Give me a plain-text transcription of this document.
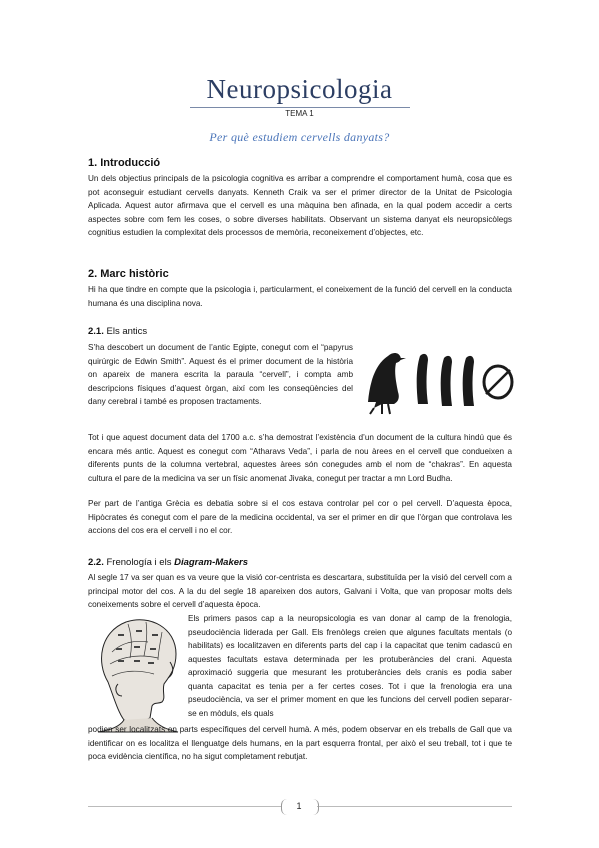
Neuropsicologia
TEMA 1
Per què estudiem cervells danyats?
1. Introducció

Un dels objectius principals de la psicologia cognitiva es arribar a comprendre el comportament humà, cosa que es pot aconseguir estudiant cervells danyats. Kenneth Craik va ser el primer director de la Unitat de Psicologia Aplicada. Aquest autor afirmava que el cervell es una màquina ben afinada, en la qual podem accedir a certs aspectes sobre com fem les coses, o sobre diverses habilitats. Observant un sistema danyat els neuropsicòlegs cognitius estudien la complexitat dels processos de memòria, reconeixement d’objectes, etc.

2. Marc històric

Hi ha que tindre en compte que la psicologia i, particularment, el coneixement de la funció del cervell en la conducta humana és una disciplina nova.

2.1. Els antics

S’ha descobert un document de l’antic Egipte, conegut com el “papyrus quirúrgic de Edwin Smith”. Aquest és el primer document de la història on apareix de manera escrita la paraula “cervell”, i compta amb descripcions físiques d’aquest òrgan, així com les conseqüències del dany cerebral i també es proposen tractaments.

Tot i que aquest document data del 1700 a.c. s’ha demostrat l’existència d’un document de la cultura hindú que és encara més antic. Aquest es conegut com “Atharavs Veda”, i parla de nou àrees en el cervell que condueixen a diferents punts de la columna vertebral, aquestes àrees són conegudes amb el nom de “chakras”. En aquesta cultura el pare de la medicina va ser un físic anomenat Jivaka, conegut per tractar a mn Lord Budha.

Per part de l’antiga Grècia es debatia sobre si el cos estava controlar pel cor o pel cervell. D’aquesta època, Hipòcrates és conegut com el pare de la medicina occidental, va ser el primer en dir que l’òrgan que controlava les accions del cos era el cervell i no el cor.

2.2. Frenología i els Diagram-Makers

Al segle 17 va ser quan es va veure que la visió cor-centrista es descartara, substituïda per la visió del cervell com a principal motor del cos. A la du del segle 18 apareixen dos autors, Galvani i Volta, que van proposar molts dels coneixements sobre el cervell d’aquesta època.

Els primers pasos cap a la neuropsicologia es van donar al camp de la frenologia, pseudociència liderada per Gall. Els frenòlegs creien que algunes facultats mentals (o habilitats) es localitzaven en diferents parts del cap i la capacitat que tenim cadascú en aquestes facultats estava determinada per les protuberàncies del crani. Aquesta aproximació suggeria que mesurant les protuberàncies dels cranis es podia saber quanta capacitat es tenia per a fer certes coses. Tot i que la frenologia era una pseudociència, va ser el primer moment en que les funcions del cervell podien separar-se en mòduls, els quals

podien ser localitzats en parts específiques del cervell humà. A més, podem observar en els treballs de Gall que va identificar on es localitza el llenguatge dels humans, en la part esquerra frontal, per això el seu treball, tot i que te poca evidència científica, no ha sigut completament rebutjat.

1
